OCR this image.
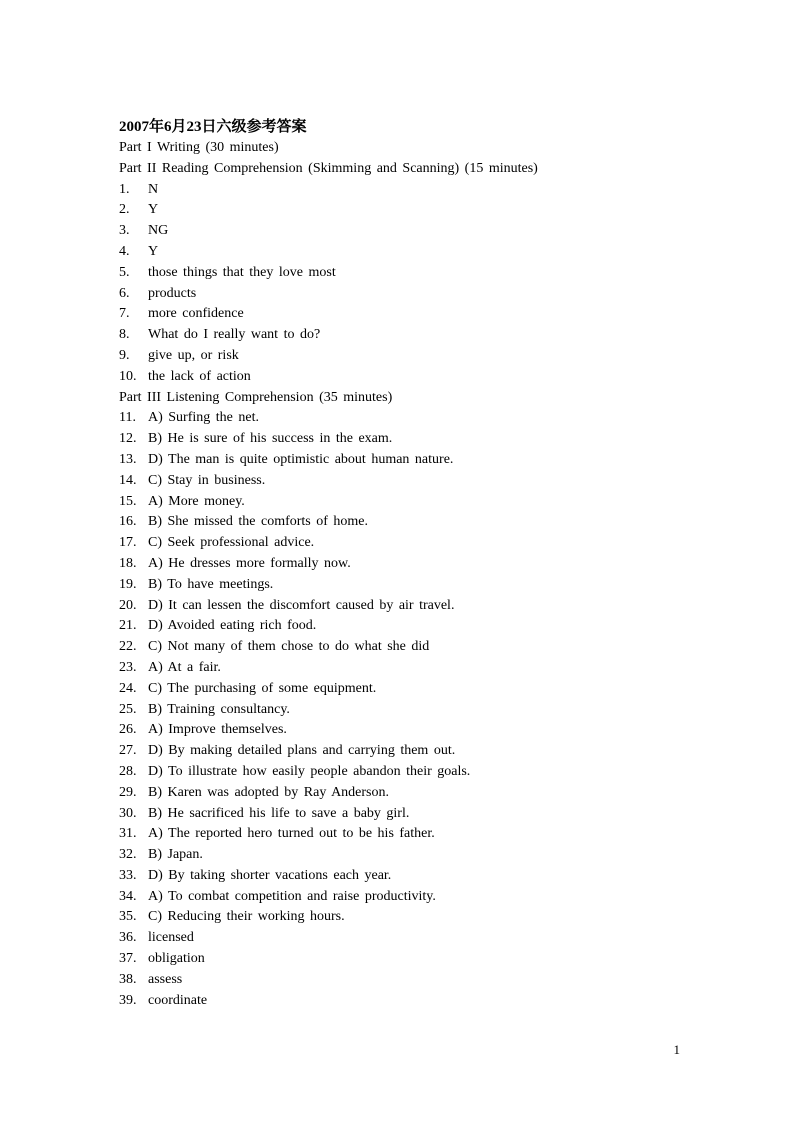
2007年6月23日六级参考答案
Part I Writing (30 minutes)
Part II Reading Comprehension (Skimming and Scanning) (15 minutes)
1.	N
2.	Y
3.	NG
4.	Y
5.	those things that they love most
6.	products
7.	more confidence
8.	What do I really want to do?
9.	give up, or risk
10. the lack of action
Part III Listening Comprehension (35 minutes)
11. A) Surfing the net.
12. B) He is sure of his success in the exam.
13. D) The man is quite optimistic about human nature.
14. C) Stay in business.
15. A) More money.
16. B) She missed the comforts of home.
17. C) Seek professional advice.
18. A) He dresses more formally now.
19. B) To have meetings.
20. D) It can lessen the discomfort caused by air travel.
21. D) Avoided eating rich food.
22. C) Not many of them chose to do what she did
23. A) At a fair.
24. C) The purchasing of some equipment.
25. B) Training consultancy.
26. A) Improve themselves.
27. D) By making detailed plans and carrying them out.
28. D) To illustrate how easily people abandon their goals.
29. B) Karen was adopted by Ray Anderson.
30. B) He sacrificed his life to save a baby girl.
31. A) The reported hero turned out to be his father.
32. B) Japan.
33. D) By taking shorter vacations each year.
34. A) To combat competition and raise productivity.
35. C) Reducing their working hours.
36. licensed
37. obligation
38. assess
39. coordinate
1
